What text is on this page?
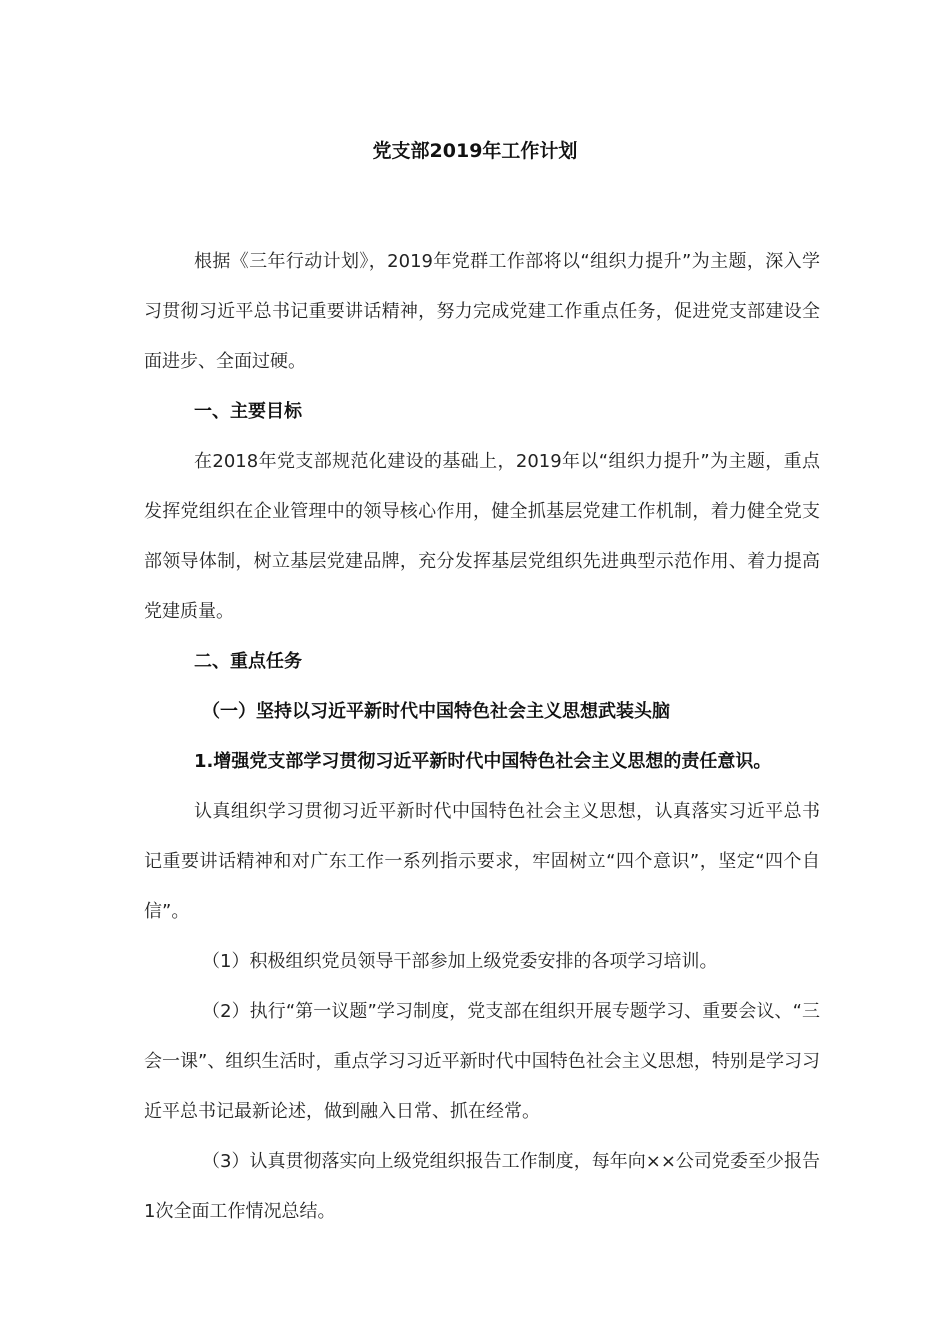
党支部2019年工作计划

根据《三年行动计划》，2019年党群工作部将以“组织力提升”为主题，深入学习贯彻习近平总书记重要讲话精神，努力完成党建工作重点任务，促进党支部建设全面进步、全面过硬。

一、主要目标

在2018年党支部规范化建设的基础上，2019年以“组织力提升”为主题，重点发挥党组织在企业管理中的领导核心作用，健全抓基层党建工作机制，着力健全党支部领导体制，树立基层党建品牌，充分发挥基层党组织先进典型示范作用、着力提高党建质量。

二、重点任务

（一）坚持以习近平新时代中国特色社会主义思想武装头脑

1.增强党支部学习贯彻习近平新时代中国特色社会主义思想的责任意识。

认真组织学习贯彻习近平新时代中国特色社会主义思想，认真落实习近平总书记重要讲话精神和对广东工作一系列指示要求，牢固树立“四个意识”，坚定“四个自信”。

（1）积极组织党员领导干部参加上级党委安排的各项学习培训。

（2）执行“第一议题”学习制度，党支部在组织开展专题学习、重要会议、“三会一课”、组织生活时，重点学习习近平新时代中国特色社会主义思想，特别是学习习近平总书记最新论述，做到融入日常、抓在经常。

（3）认真贯彻落实向上级党组织报告工作制度，每年向××公司党委至少报告1次全面工作情况总结。
